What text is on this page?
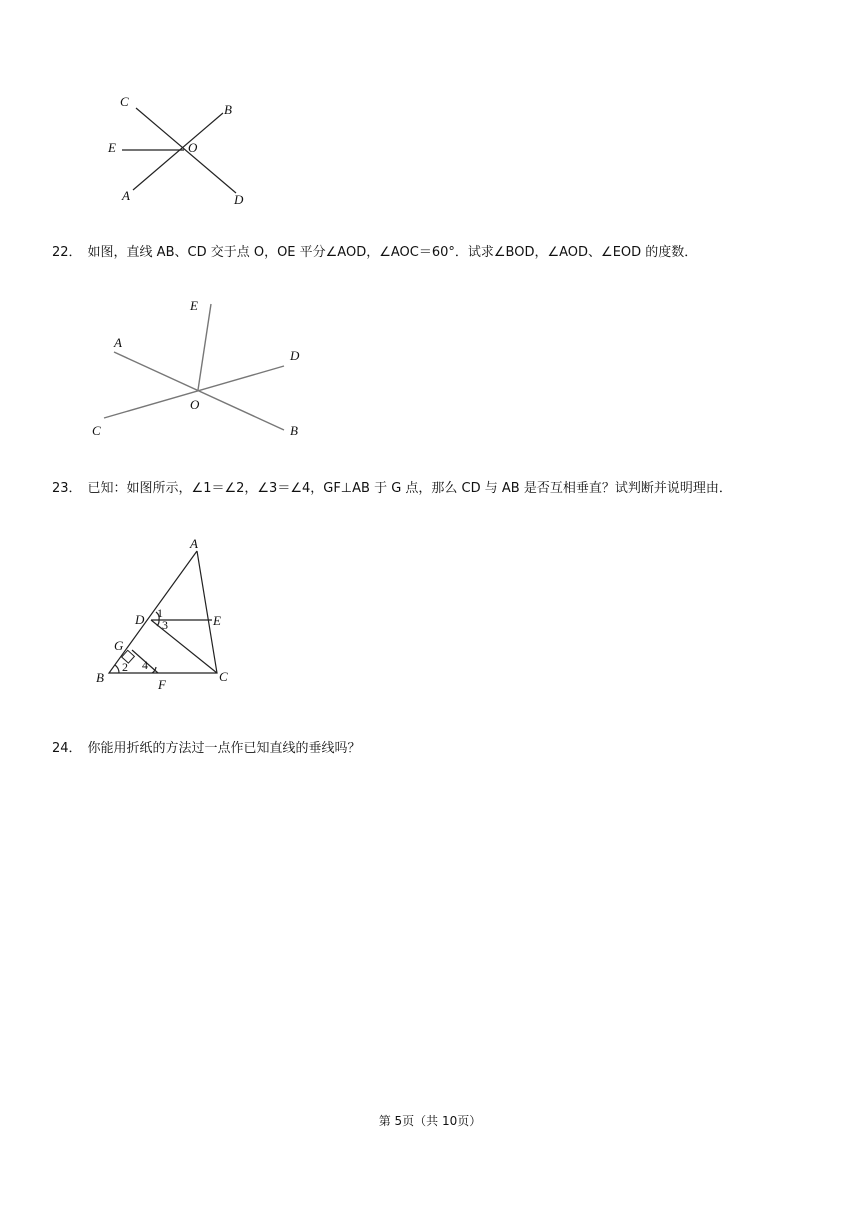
C
B
E	O
A	D
22． 如图，直线 AB、CD 交于点 O，OE 平分∠AOD，∠AOC＝60°．试求∠BOD，∠AOD、∠EOD 的度数．
E
A
D
O
C	B
23． 已知：如图所示，∠1＝∠2，∠3＝∠4，GF⊥AB 于 G 点，那么 CD 与 AB 是否互相垂直？试判断并说明理由．
A
D	E
G
B	F
C
1
3
2 4
24． 你能用折纸的方法过一点作已知直线的垂线吗？
第 5页（共 10页）
